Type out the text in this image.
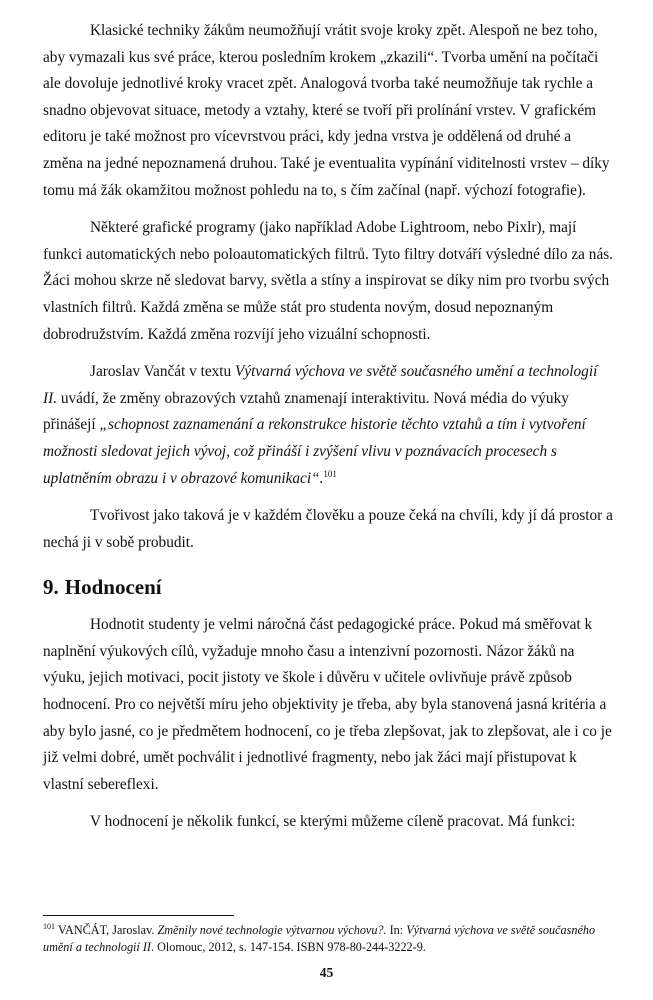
Klasické techniky žákům neumožňují vrátit svoje kroky zpět. Alespoň ne bez toho, aby vymazali kus své práce, kterou posledním krokem „zkazili“. Tvorba umění na počítači ale dovoluje jednotlivé kroky vracet zpět. Analogová tvorba také neumožňuje tak rychle a snadno objevovat situace, metody a vztahy, které se tvoří při prolínání vrstev. V grafickém editoru je také možnost pro vícevrstvou práci, kdy jedna vrstva je oddělená od druhé a změna na jedné nepoznamená druhou. Také je eventualita vypínání viditelnosti vrstev – díky tomu má žák okamžitou možnost pohledu na to, s čím začínal (např. výchozí fotografie).

Některé grafické programy (jako například Adobe Lightroom, nebo Pixlr), mají funkci automatických nebo poloautomatických filtrů. Tyto filtry dotváří výsledné dílo za nás. Žáci mohou skrze ně sledovat barvy, světla a stíny a inspirovat se díky nim pro tvorbu svých vlastních filtrů. Každá změna se může stát pro studenta novým, dosud nepoznaným dobrodružstvím. Každá změna rozvíjí jeho vizuální schopnosti.

Jaroslav Vančát v textu Výtvarná výchova ve světě současného umění a technologií II. uvádí, že změny obrazových vztahů znamenají interaktivitu. Nová média do výuky přinášejí „schopnost zaznamenání a rekonstrukce historie těchto vztahů a tím i vytvoření možnosti sledovat jejich vývoj, což přináší i zvýšení vlivu v poznávacích procesech s uplatněním obrazu i v obrazové komunikaci“.$^{101}$

Tvořivost jako taková je v každém člověku a pouze čeká na chvíli, kdy jí dá prostor a nechá ji v sobě probudit.

9. Hodnocení

Hodnotit studenty je velmi náročná část pedagogické práce. Pokud má směřovat k naplnění výukových cílů, vyžaduje mnoho času a intenzivní pozornosti. Názor žáků na výuku, jejich motivaci, pocit jistoty ve škole i důvěru v učitele ovlivňuje právě způsob hodnocení. Pro co největší míru jeho objektivity je třeba, aby byla stanovená jasná kritéria a aby bylo jasné, co je předmětem hodnocení, co je třeba zlepšovat, jak to zlepšovat, ale i co je již velmi dobré, umět pochválit i jednotlivé fragmenty, nebo jak žáci mají přistupovat k vlastní sebereflexi.

V hodnocení je několik funkcí, se kterými můžeme cíleně pracovat. Má funkci:

$^{101}$ VANČÁT, Jaroslav. Změnily nové technologie výtvarnou výchovu?. In: Výtvarná výchova ve světě současného umění a technologií II. Olomouc, 2012, s. 147-154. ISBN 978-80-244-3222-9.

45
